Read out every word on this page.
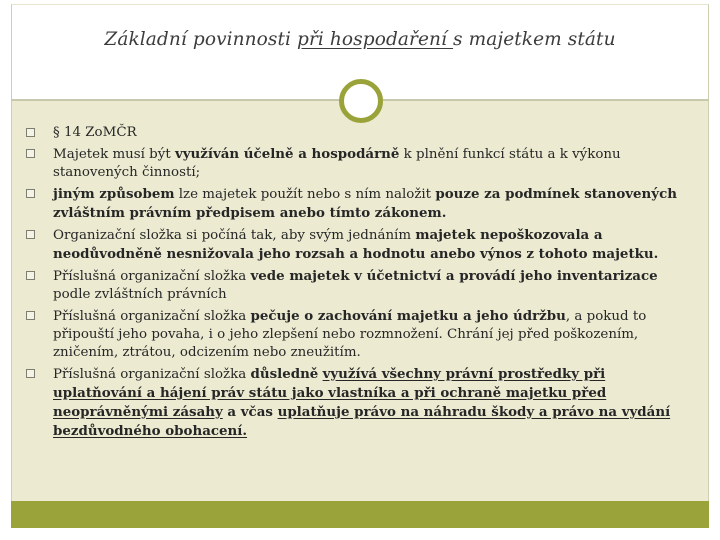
Základní povinnosti při hospodaření s majetkem státu
§ 14 ZoMČR
Majetek musí být využíván účelně a hospodárně k plnění funkcí státu a k výkonu stanovených činností;
jiným způsobem lze majetek použít nebo s ním naložit pouze za podmínek stanovených zvláštním právním předpisem anebo tímto zákonem.
Organizační složka si počíná tak, aby svým jednáním majetek nepoškozovala a neodůvodněně nesnižovala jeho rozsah a hodnotu anebo výnos z tohoto majetku.
Příslušná organizační složka vede majetek v účetnictví a provádí jeho inventarizace podle zvláštních právních
Příslušná organizační složka pečuje o zachování majetku a jeho údržbu, a pokud to připouští jeho povaha, i o jeho zlepšení nebo rozmnožení. Chrání jej před poškozením, zničením, ztrátou, odcizením nebo zneužitím.
Příslušná organizační složka důsledně využívá všechny právní prostředky při uplatňování a hájení práv státu jako vlastníka a při ochraně majetku před neoprávněnými zásahy a včas uplatňuje právo na náhradu škody a právo na vydání bezdůvodného obohacení.
